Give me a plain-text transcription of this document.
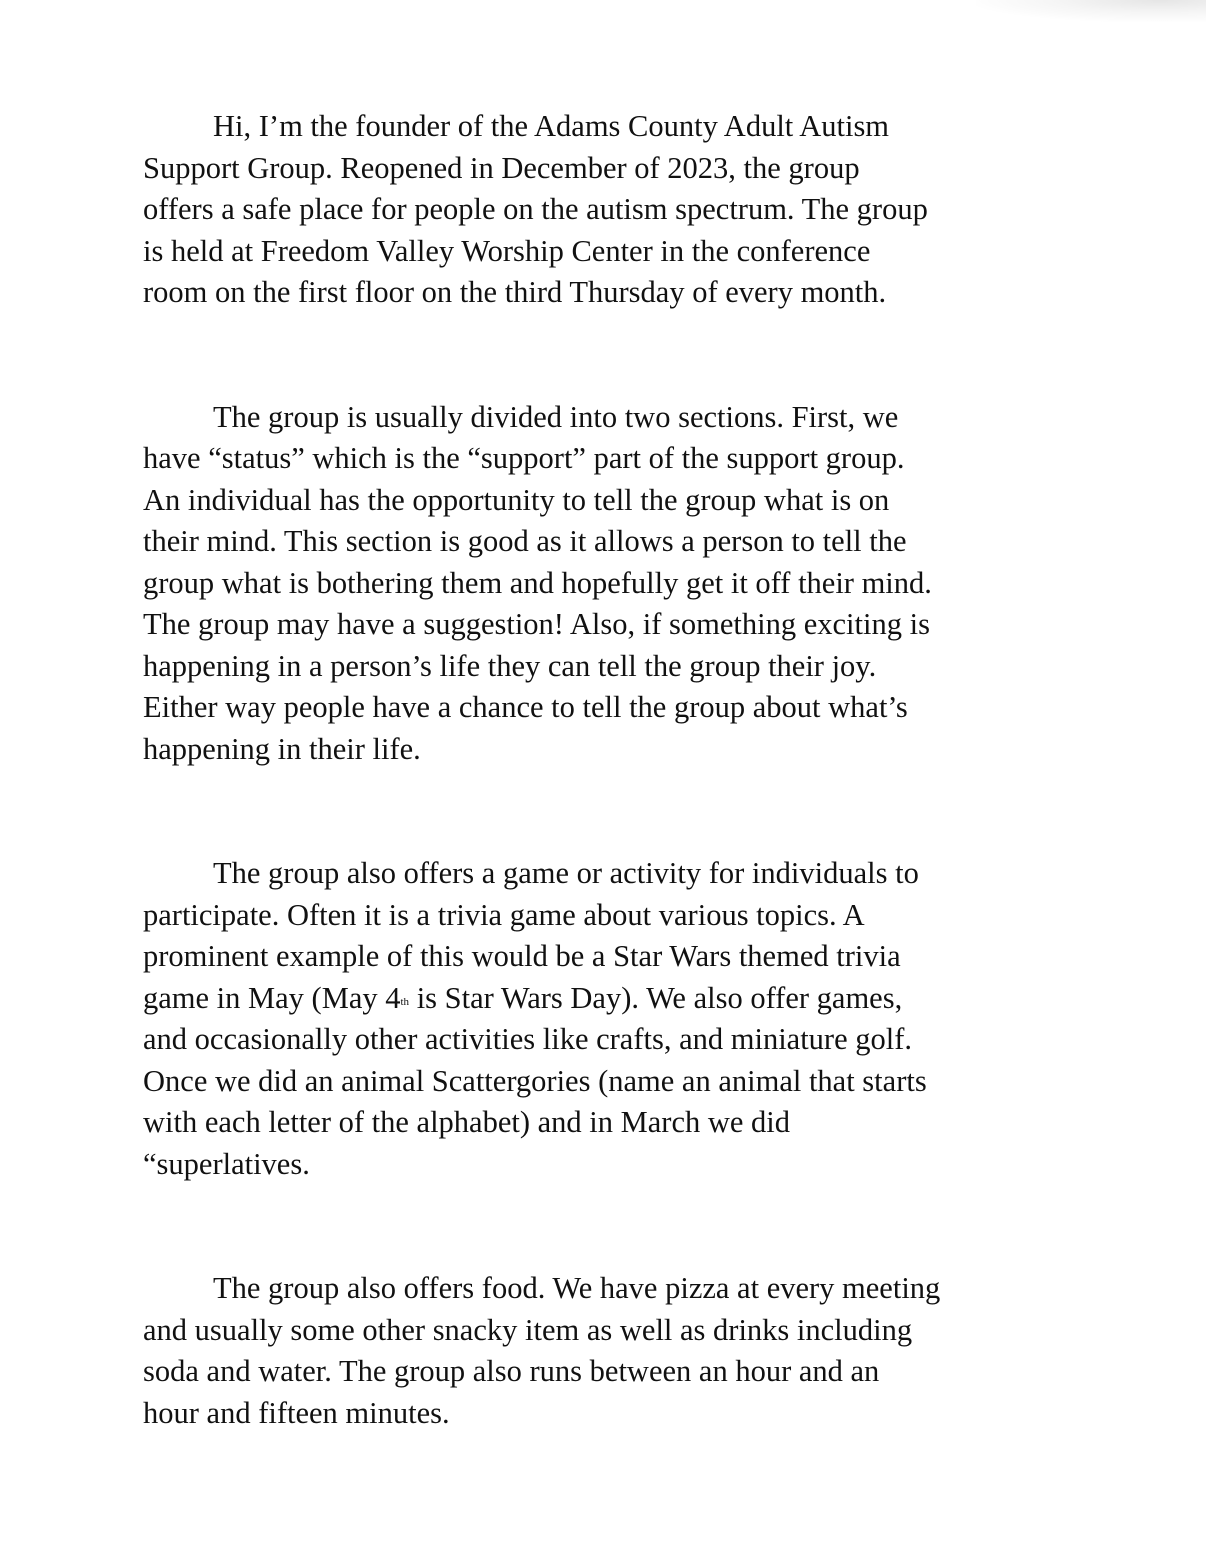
Hi, I’m the founder of the Adams County Adult Autism
Support Group. Reopened in December of 2023, the group
offers a safe place for people on the autism spectrum. The group
is held at Freedom Valley Worship Center in the conference
room on the first floor on the third Thursday of every month.

The group is usually divided into two sections. First, we
have “status” which is the “support” part of the support group.
An individual has the opportunity to tell the group what is on
their mind. This section is good as it allows a person to tell the
group what is bothering them and hopefully get it off their mind.
The group may have a suggestion! Also, if something exciting is
happening in a person’s life they can tell the group their joy.
Either way people have a chance to tell the group about what’s
happening in their life.

The group also offers a game or activity for individuals to
participate. Often it is a trivia game about various topics. A
prominent example of this would be a Star Wars themed trivia
game in May (May 4th is Star Wars Day). We also offer games,
and occasionally other activities like crafts, and miniature golf.
Once we did an animal Scattergories (name an animal that starts
with each letter of the alphabet) and in March we did
“superlatives.

The group also offers food. We have pizza at every meeting
and usually some other snacky item as well as drinks including
soda and water. The group also runs between an hour and an
hour and fifteen minutes.
